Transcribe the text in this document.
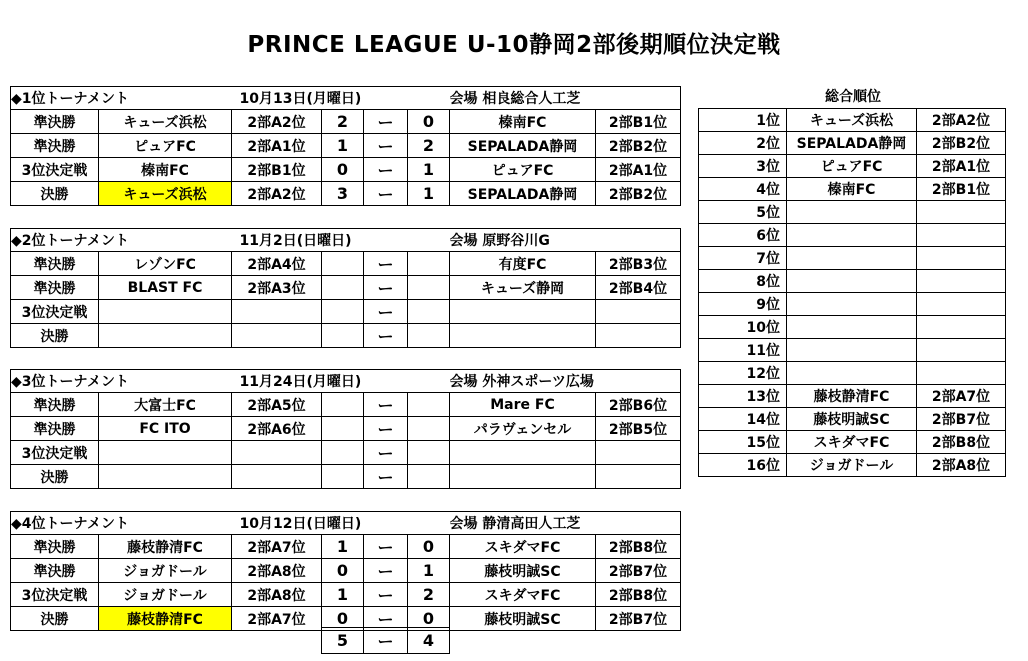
PRINCE LEAGUE U-10静岡2部後期順位決定戦
◆1位トーナメント		10月13日(月曜日)				会場 相良総合人工芝	
準決勝	キューズ浜松	2部A2位	2	ー	0	榛南FC	2部B1位
準決勝	ピュアFC	2部A1位	1	ー	2	SEPALADA静岡	2部B2位
3位決定戦	榛南FC	2部B1位	0	ー	1	ピュアFC	2部A1位
決勝	キューズ浜松	2部A2位	3	ー	1	SEPALADA静岡	2部B2位
◆2位トーナメント		11月2日(日曜日)				会場 原野谷川G	
準決勝	レゾンFC	2部A4位		ー		有度FC	2部B3位
準決勝	BLAST FC	2部A3位		ー		キューズ静岡	2部B4位
3位決定戦				ー			
決勝				ー			
◆3位トーナメント		11月24日(月曜日)				会場 外神スポーツ広場	
準決勝	大富士FC	2部A5位		ー		Mare FC	2部B6位
準決勝	FC ITO	2部A6位		ー		パラヴェンセル	2部B5位
3位決定戦				ー			
決勝				ー			
◆4位トーナメント		10月12日(日曜日)				会場 静清高田人工芝	
準決勝	藤枝静清FC	2部A7位	1	ー	0	スキダマFC	2部B8位
準決勝	ジョガドール	2部A8位	0	ー	1	藤枝明誠SC	2部B7位
3位決定戦	ジョガドール	2部A8位	1	ー	2	スキダマFC	2部B8位
決勝	藤枝静清FC	2部A7位	0	ー	0	藤枝明誠SC	2部B7位
5	ー	4
総合順位
1位	キューズ浜松	2部A2位
2位	SEPALADA静岡	2部B2位
3位	ピュアFC	2部A1位
4位	榛南FC	2部B1位
5位		
6位		
7位		
8位		
9位		
10位		
11位		
12位		
13位	藤枝静清FC	2部A7位
14位	藤枝明誠SC	2部B7位
15位	スキダマFC	2部B8位
16位	ジョガドール	2部A8位
